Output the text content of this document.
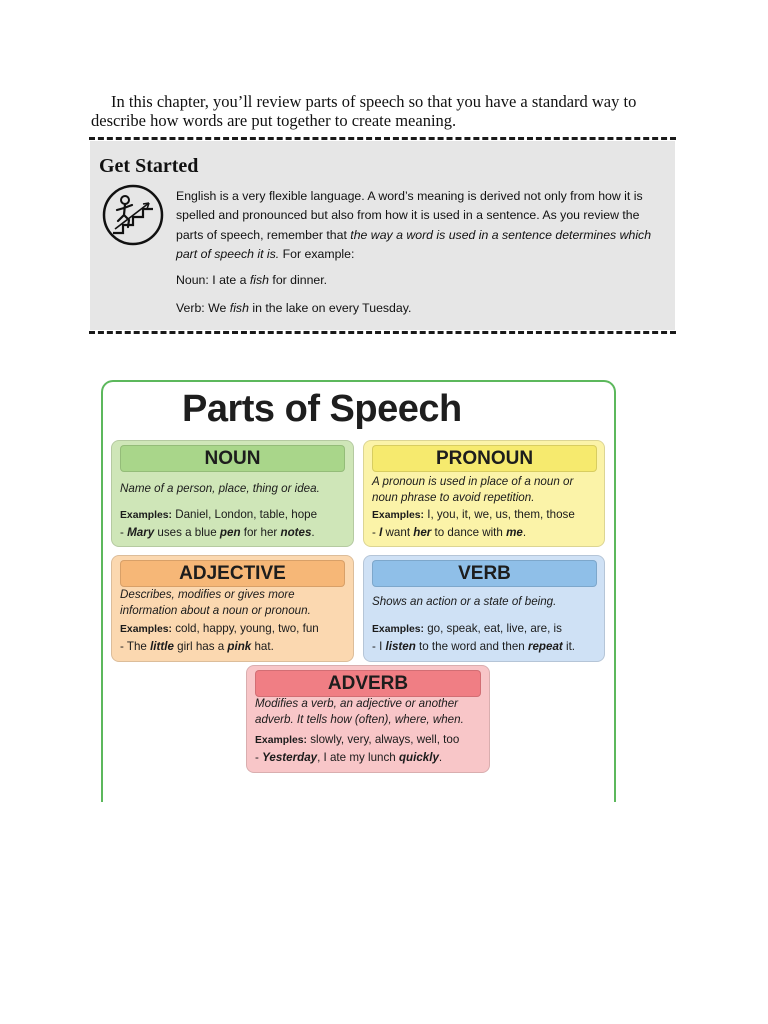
In this chapter, you’ll review parts of speech so that you have a standard way to

describe how words are put together to create meaning.
Get Started

English is a very flexible language. A word’s meaning is derived not only from how it is spelled and pronounced but also from how it is used in a sentence. As you review the parts of speech, remember that the way a word is used in a sentence determines which part of speech it is. For example:

Noun: I ate a fish for dinner.

Verb: We fish in the lake on every Tuesday.

Parts of Speech
NOUN
Name of a person, place, thing or idea.
Examples: Daniel, London, table, hope
- Mary uses a blue pen for her notes.
PRONOUN
A pronoun is used in place of a noun or noun phrase to avoid repetition.
Examples: I, you, it, we, us, them, those
- I want her to dance with me.
ADJECTIVE
Describes, modifies or gives more information about a noun or pronoun.
Examples: cold, happy, young, two, fun
- The little girl has a pink hat.
VERB
Shows an action or a state of being.
Examples: go, speak, eat, live, are, is
- I listen to the word and then repeat it.
ADVERB
Modifies a verb, an adjective or another adverb. It tells how (often), where, when.
Examples: slowly, very, always, well, too
- Yesterday, I ate my lunch quickly.
